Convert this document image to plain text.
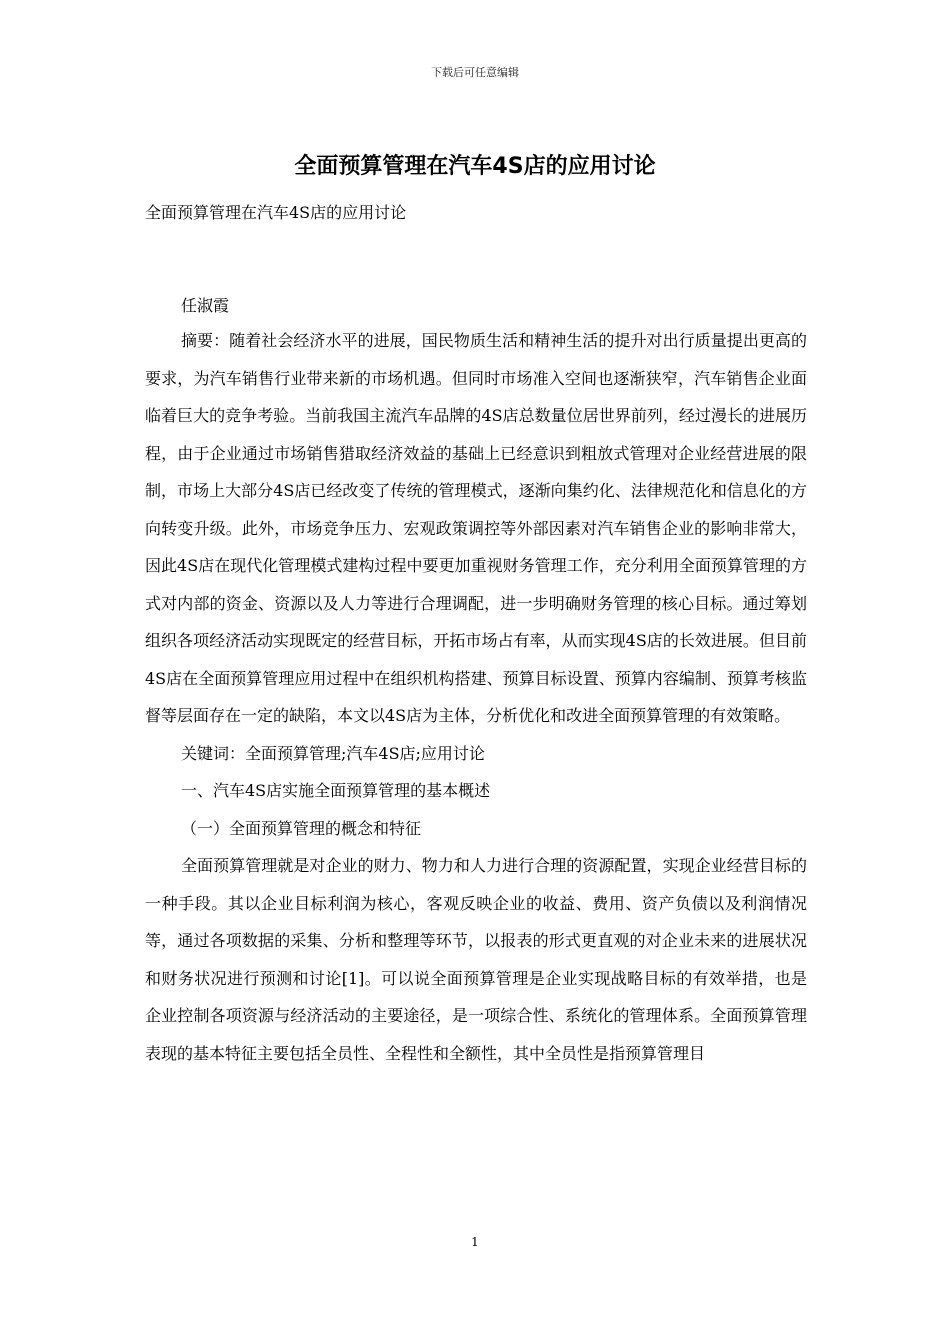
下载后可任意编辑
全面预算管理在汽车4S店的应用讨论

全面预算管理在汽车4S店的应用讨论

任淑霞

摘要：随着社会经济水平的进展，国民物质生活和精神生活的提升对出行质量提出更高的要求，为汽车销售行业带来新的市场机遇。但同时市场准入空间也逐渐狭窄，汽车销售企业面临着巨大的竞争考验。当前我国主流汽车品牌的4S店总数量位居世界前列，经过漫长的进展历程，由于企业通过市场销售猎取经济效益的基础上已经意识到粗放式管理对企业经营进展的限制，市场上大部分4S店已经改变了传统的管理模式，逐渐向集约化、法律规范化和信息化的方向转变升级。此外，市场竞争压力、宏观政策调控等外部因素对汽车销售企业的影响非常大，因此4S店在现代化管理模式建构过程中要更加重视财务管理工作，充分利用全面预算管理的方式对内部的资金、资源以及人力等进行合理调配，进一步明确财务管理的核心目标。通过筹划组织各项经济活动实现既定的经营目标，开拓市场占有率，从而实现4S店的长效进展。但目前4S店在全面预算管理应用过程中在组织机构搭建、预算目标设置、预算内容编制、预算考核监督等层面存在一定的缺陷，本文以4S店为主体，分析优化和改进全面预算管理的有效策略。

关键词：全面预算管理;汽车4S店;应用讨论

一、汽车4S店实施全面预算管理的基本概述

（一）全面预算管理的概念和特征

全面预算管理就是对企业的财力、物力和人力进行合理的资源配置，实现企业经营目标的一种手段。其以企业目标利润为核心，客观反映企业的收益、费用、资产负债以及利润情况等，通过各项数据的采集、分析和整理等环节，以报表的形式更直观的对企业未来的进展状况和财务状况进行预测和讨论[1]。可以说全面预算管理是企业实现战略目标的有效举措，也是企业控制各项资源与经济活动的主要途径，是一项综合性、系统化的管理体系。全面预算管理表现的基本特征主要包括全员性、全程性和全额性，其中全员性是指预算管理目

1
